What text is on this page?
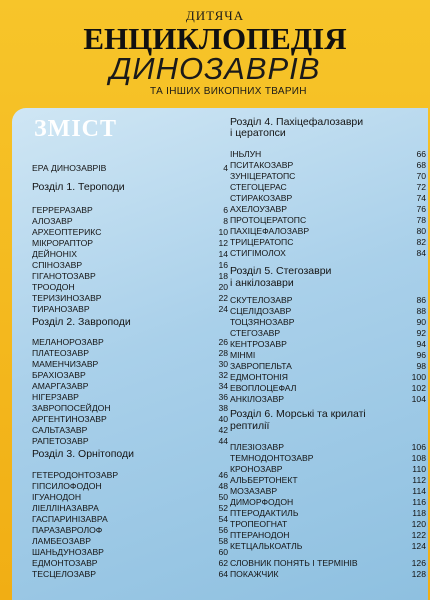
ДИТЯЧА
ЕНЦИКЛОПЕДІЯ
ДИНОЗАВРІВ
ТА ІНШИХ ВИКОПНИХ ТВАРИН
ЗМІСТ
ЕРА ДИНОЗАВРІВ	4
Розділ 1. Тероподи
ГЕРРЕРАЗАВР	6
АЛОЗАВР	8
АРХЕОПТЕРИКС	10
МІКРОРАПТОР	12
ДЕЙНОНІХ	14
СПІНОЗАВР	16
ГІГАНОТОЗАВР	18
ТРООДОН	20
ТЕРИЗИНОЗАВР	22
ТИРАНОЗАВР	24
Розділ 2. Завроподи
МЕЛАНОРОЗАВР	26
ПЛАТЕОЗАВР	28
МАМЕНЧИЗАВР	30
БРАХІОЗАВР	32
АМАРГАЗАВР	34
НІГЕРЗАВР	36
ЗАВРОПОСЕЙДОН	38
АРГЕНТИНОЗАВР	40
САЛЬТАЗАВР	42
РАПЕТОЗАВР	44
Розділ 3. Орнітоподи
ГЕТЕРОДОНТОЗАВР	46
ГІПСИЛОФОДОН	48
ІГУАНОДОН	50
ЛІЕЛЛІНАЗАВРА	52
ГАСПАРИНІЗАВРА	54
ПАРАЗАВРОЛОФ	56
ЛАМБЕОЗАВР	58
ШАНЬДУНОЗАВР	60
ЕДМОНТОЗАВР	62
ТЕСЦЕЛОЗАВР	64
Розділ 4. Пахіцефалозаври
і цератопси
ІНЬЛУН	66
ПСИТАКОЗАВР	68
ЗУНІЦЕРАТОПС	70
СТЕГОЦЕРАС	72
СТИРАКОЗАВР	74
АХЕЛОУЗАВР	76
ПРОТОЦЕРАТОПС	78
ПАХІЦЕФАЛОЗАВР	80
ТРИЦЕРАТОПС	82
СТИГІМОЛОХ	84
Розділ 5. Стегозаври
і анкілозаври
СКУТЕЛОЗАВР	86
СЦЕЛІДОЗАВР	88
ТОЦЗЯНОЗАВР	90
СТЕГОЗАВР	92
КЕНТРОЗАВР	94
МІНМІ	96
ЗАВРОПЕЛЬТА	98
ЕДМОНТОНІЯ	100
ЕВОПЛОЦЕФАЛ	102
АНКІЛОЗАВР	104
Розділ 6. Морські та крилаті
рептилії
ПЛЕЗІОЗАВР	106
ТЕМНОДОНТОЗАВР	108
КРОНОЗАВР	110
АЛЬБЕРТОНЕКТ	112
МОЗАЗАВР	114
ДИМОРФОДОН	116
ПТЕРОДАКТИЛЬ	118
ТРОПЕОГНАТ	120
ПТЕРАНОДОН	122
КЕТЦАЛЬКОАТЛЬ	124
СЛОВНИК ПОНЯТЬ І ТЕРМІНІВ	126
ПОКАЖЧИК	128
